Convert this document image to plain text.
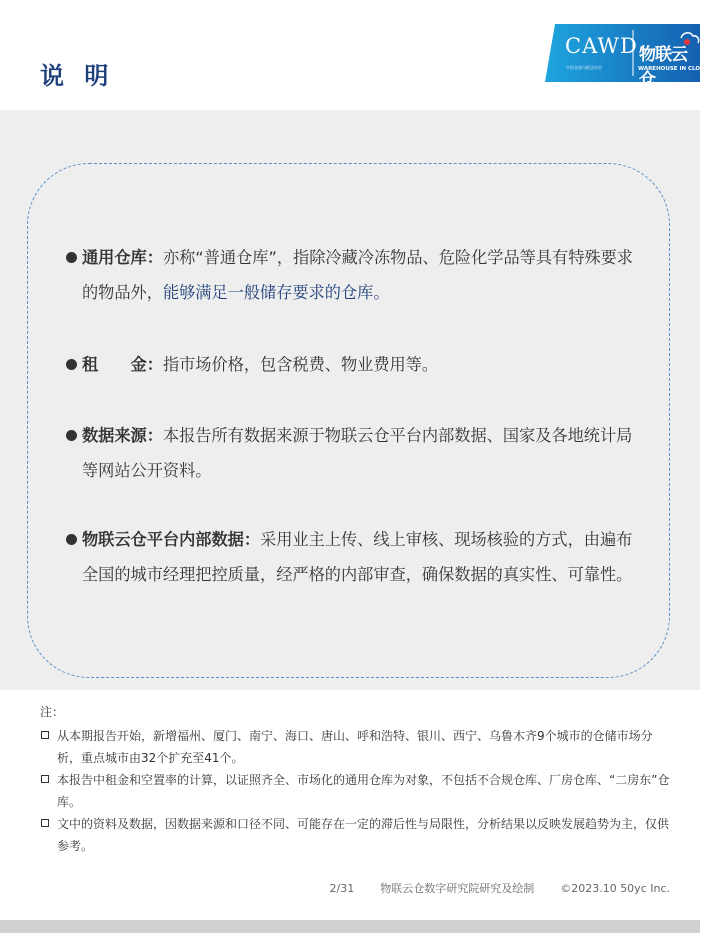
说 明
CAWD
中国仓储与配送协会
物联云仓
WAREHOUSE IN CLOUD
通用仓库：亦称“普通仓库”，指除冷藏冷冻物品、危险化学品等具有特殊要求的物品外，能够满足一般储存要求的仓库。
租　　金：指市场价格，包含税费、物业费用等。
数据来源：本报告所有数据来源于物联云仓平台内部数据、国家及各地统计局等网站公开资料。
物联云仓平台内部数据：采用业主上传、线上审核、现场核验的方式，由遍布全国的城市经理把控质量，经严格的内部审查，确保数据的真实性、可靠性。
注：
从本期报告开始，新增福州、厦门、南宁、海口、唐山、呼和浩特、银川、西宁、乌鲁木齐9个城市的仓储市场分析，重点城市由32个扩充至41个。
本报告中租金和空置率的计算，以证照齐全、市场化的通用仓库为对象，不包括不合规仓库、厂房仓库、“二房东”仓库。
文中的资料及数据，因数据来源和口径不同、可能存在一定的滞后性与局限性，分析结果以反映发展趋势为主，仅供参考。
2/31 物联云仓数字研究院研究及绘制 ©2023.10 50yc Inc.
